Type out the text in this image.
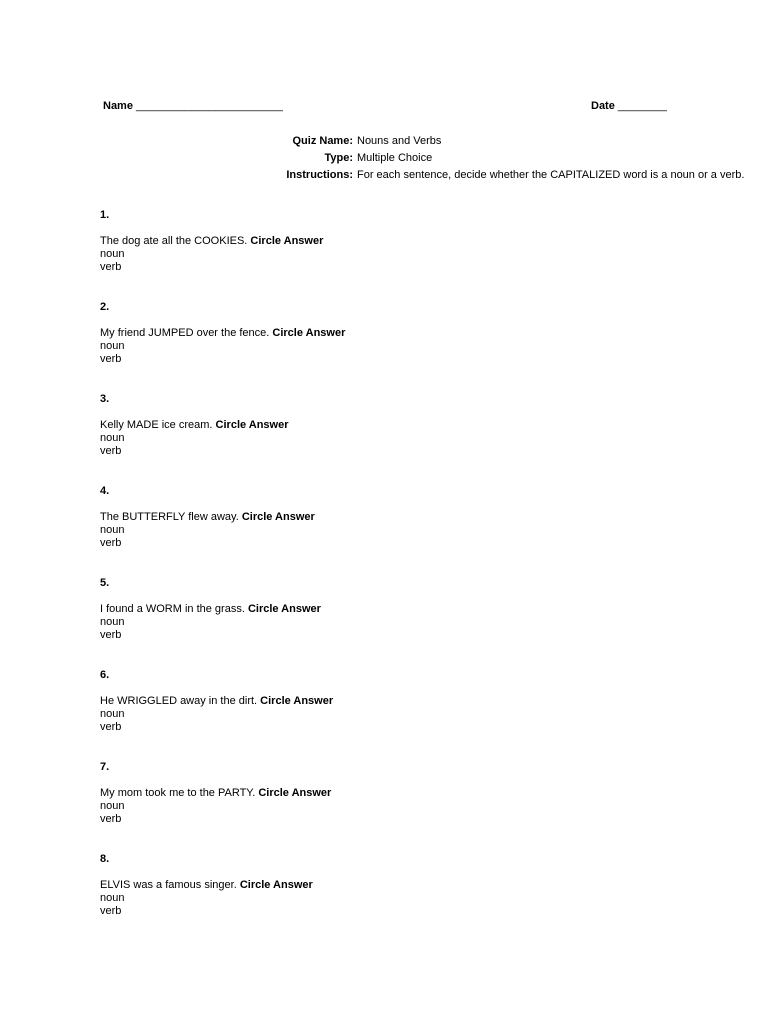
Name ________________________	Date ________
Quiz Name: Nouns and Verbs
Type: Multiple Choice
Instructions: For each sentence, decide whether the CAPITALIZED word is a noun or a verb.
1.
The dog ate all the COOKIES. Circle Answer
noun
verb
2.
My friend JUMPED over the fence. Circle Answer
noun
verb
3.
Kelly MADE ice cream. Circle Answer
noun
verb
4.
The BUTTERFLY flew away. Circle Answer
noun
verb
5.
I found a WORM in the grass. Circle Answer
noun
verb
6.
He WRIGGLED away in the dirt. Circle Answer
noun
verb
7.
My mom took me to the PARTY. Circle Answer
noun
verb
8.
ELVIS was a famous singer. Circle Answer
noun
verb
